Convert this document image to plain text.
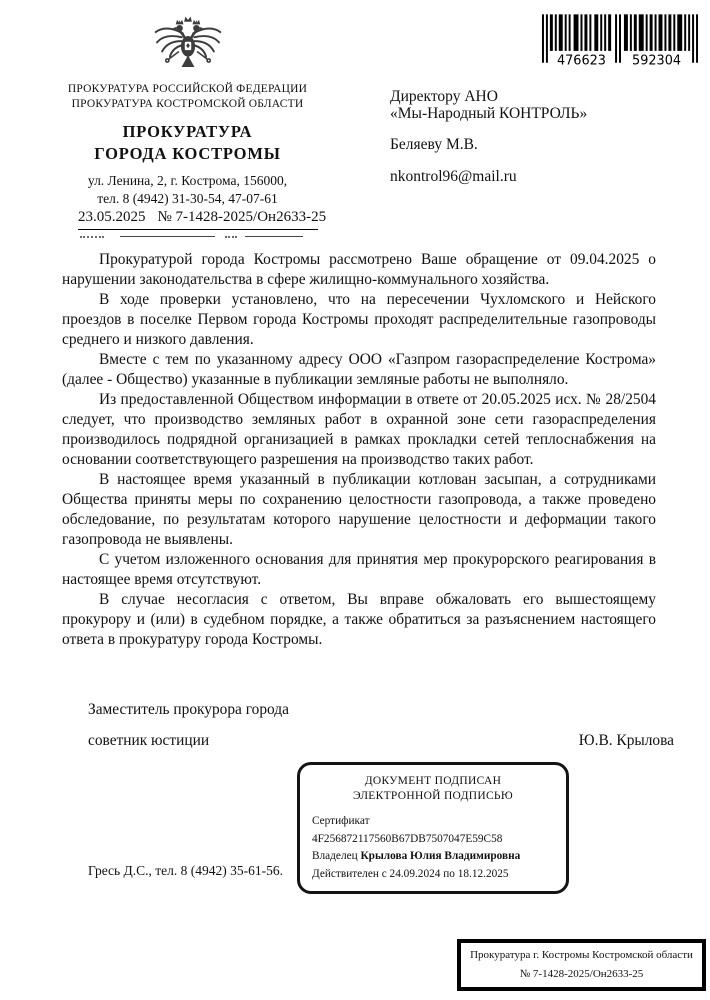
ПРОКУРАТУРА РОССИЙСКОЙ ФЕДЕРАЦИИ
ПРОКУРАТУРА КОСТРОМСКОЙ ОБЛАСТИ
ПРОКУРАТУРА
ГОРОДА КОСТРОМЫ
ул. Ленина, 2, г. Кострома, 156000,
тел. 8 (4942) 31-30-54, 47-07-61
476623 592304
Директору АНО
«Мы-Народный КОНТРОЛЬ»
Беляеву М.В.
nkontrol96@mail.ru
23.05.2025 № 7-1428-2025/Он2633-25

Прокуратурой города Костромы рассмотрено Ваше обращение от 09.04.2025 о нарушении законодательства в сфере жилищно-коммунального хозяйства.

В ходе проверки установлено, что на пересечении Чухломского и Нейского проездов в поселке Первом города Костромы проходят распределительные газопроводы среднего и низкого давления.

Вместе с тем по указанному адресу ООО «Газпром газораспределение Кострома» (далее - Общество) указанные в публикации земляные работы не выполняло.

Из предоставленной Обществом информации в ответе от 20.05.2025 исх. № 28/2504 следует, что производство земляных работ в охранной зоне сети газораспределения производилось подрядной организацией в рамках прокладки сетей теплоснабжения на основании соответствующего разрешения на производство таких работ.

В настоящее время указанный в публикации котлован засыпан, а сотрудниками Общества приняты меры по сохранению целостности газопровода, а также проведено обследование, по результатам которого нарушение целостности и деформации такого газопровода не выявлены.

С учетом изложенного основания для принятия мер прокурорского реагирования в настоящее время отсутствуют.

В случае несогласия с ответом, Вы вправе обжаловать его вышестоящему прокурору и (или) в судебном порядке, а также обратиться за разъяснением настоящего ответа в прокуратуру города Костромы.

Заместитель прокурора города
советник юстиции	Ю.В. Крылова
ДОКУМЕНТ ПОДПИСАН
ЭЛЕКТРОННОЙ ПОДПИСЬЮ
Сертификат 4F256872117560B67DB7507047E59C58
Владелец Крылова Юлия Владимировна
Действителен с 24.09.2024 по 18.12.2025
Гресь Д.С., тел. 8 (4942) 35-61-56.
Прокуратура г. Костромы Костромской области
№ 7-1428-2025/Он2633-25
